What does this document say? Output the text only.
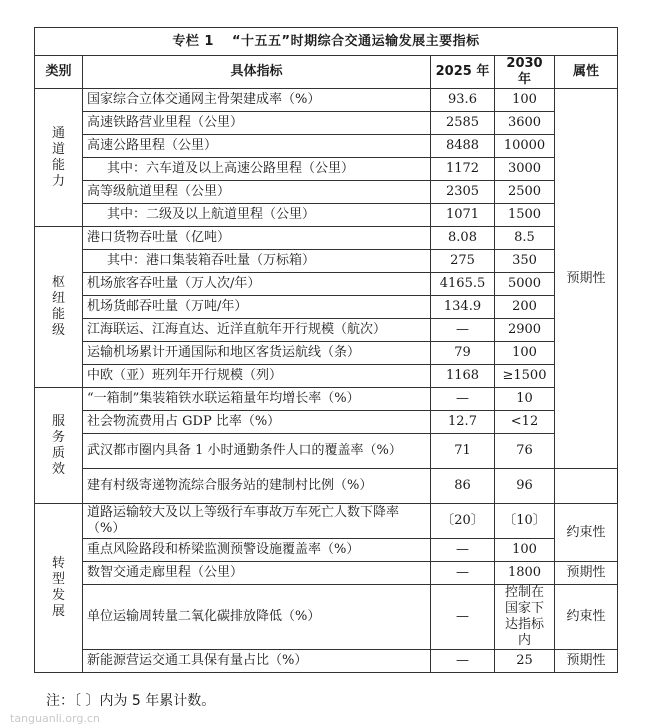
专栏 1 “十五五”时期综合交通运输发展主要指标				
类别	具体指标	2025 年	2030 年	属性
通道能力	国家综合立体交通网主骨架建成率（%）	93.6	100	预期性
	高速铁路营业里程（公里）	2585	3600	
	高速公路里程（公里）	8488	10000	
	其中：六车道及以上高速公路里程（公里）	1172	3000	
	高等级航道里程（公里）	2305	2500	
	其中：二级及以上航道里程（公里）	1071	1500	
枢纽能级	港口货物吞吐量（亿吨）	8.08	8.5	
	其中：港口集装箱吞吐量（万标箱）	275	350	
	机场旅客吞吐量（万人次/年）	4165.5	5000	
	机场货邮吞吐量（万吨/年）	134.9	200	
	江海联运、江海直达、近洋直航年开行规模（航次）	—	2900	
	运输机场累计开通国际和地区客货运航线（条）	79	100	
	中欧（亚）班列年开行规模（列）	1168	≥1500	
服务质效	“一箱制”集装箱铁水联运箱量年均增长率（%）	—	10	
	社会物流费用占 GDP 比率（%）	12.7	<12	
	武汉都市圈内具备 1 小时通勤条件人口的覆盖率（%）	71	76	
	建有村级寄递物流综合服务站的建制村比例（%）	86	96	
转型发展	道路运输较大及以上等级行车事故万车死亡人数下降率（%）	〔20〕	〔10〕	约束性
	重点风险路段和桥梁监测预警设施覆盖率（%）	—	100	
	数智交通走廊里程（公里）	—	1800	预期性
	单位运输周转量二氧化碳排放降低（%）	—	控制在国家下达指标内	约束性
	新能源营运交通工具保有量占比（%）	—	25	预期性
注：〔 〕内为 5 年累计数。
tanguanli.org.cn
